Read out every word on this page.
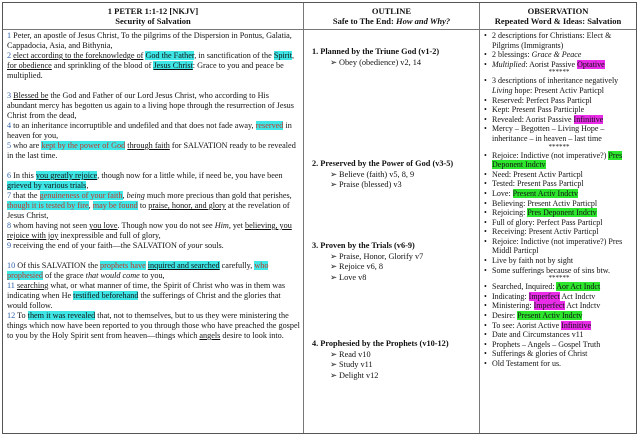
1 PETER 1:1-12 [NKJV]
Security of Salvation
1 Peter, an apostle of Jesus Christ, To the pilgrims of the Dispersion in Pontus, Galatia, Cappadocia, Asia, and Bithynia,
2 elect according to the foreknowledge of God the Father, in sanctification of the Spirit, for obedience and sprinkling of the blood of Jesus Christ: Grace to you and peace be multiplied.
3 Blessed be the God and Father of our Lord Jesus Christ, who according to His abundant mercy has begotten us again to a living hope through the resurrection of Jesus Christ from the dead,
4 to an inheritance incorruptible and undefiled and that does not fade away, reserved in heaven for you,
5 who are kept by the power of God through faith for SALVATION ready to be revealed in the last time.
6 In this you greatly rejoice, though now for a little while, if need be, you have been grieved by various trials,
7 that the genuineness of your faith, being much more precious than gold that perishes, though it is tested by fire, may be found to praise, honor, and glory at the revelation of Jesus Christ,
8 whom having not seen you love. Though now you do not see Him, yet believing, you rejoice with joy inexpressible and full of glory,
9 receiving the end of your faith—the SALVATION of your souls.
10 Of this SALVATION the prophets have inquired and searched carefully, who prophesied of the grace that would come to you,
11 searching what, or what manner of time, the Spirit of Christ who was in them was indicating when He testified beforehand the sufferings of Christ and the glories that would follow.
12 To them it was revealed that, not to themselves, but to us they were ministering the things which now have been reported to you through those who have preached the gospel to you by the Holy Spirit sent from heaven—things which angels desire to look into.
OUTLINE
Safe to The End: How and Why?
1. Planned by the Triune God (v1-2)
➢ Obey (obedience) v2, 14
2. Preserved by the Power of God (v3-5)
➢ Believe (faith) v5, 8, 9
➢ Praise (blessed) v3
3. Proven by the Trials (v6-9)
➢ Praise, Honor, Glorify v7
➢ Rejoice v6, 8
➢ Love v8
4. Prophesied by the Prophets (v10-12)
➢ Read v10
➢ Study v11
➢ Delight v12
OBSERVATION
Repeated Word & Ideas: Salvation
• 2 descriptions for Christians: Elect & Pilgrims (Immigrants)
• 2 blessings: Grace & Peace
• Multiplied: Aorist Passive Optative
******
• 3 descriptions of inheritance negatively
Living hope: Present Activ Particpl
• Reserved: Perfect Pass Particpl
• Kept: Present Pass Participle
• Revealed: Aorist Passive Infinitive
• Mercy – Begotten – Living Hope – inheritance – in heaven – last time
******
• Rejoice: Indictive (not imperative?) Pres Deponent Indctv
• Need: Present Activ Particpl
• Tested: Present Pass Particpl
• Love: Present Activ Indctv
• Believing: Present Activ Particpl
• Rejoicing: Pres Deponent Indctv
• Full of glory: Perfect Pass Particpl
• Receiving: Present Activ Particpl
• Rejoice: Indictive (not imperative?) Pres Middl Particpl
• Live by faith not by sight
• Some sufferings because of sins btw.
******
• Searched, Inquired: Aor Act Indct
• Indicating: Imperfect Act Indctv
• Ministering: Imperfect Act Indctv
• Desire: Present Activ Indctv
• To see: Aorist Active Infinitive
• Date and Circumstances v11
• Prophets – Angels – Gospel Truth
• Sufferings & glories of Christ
• Old Testament for us.
